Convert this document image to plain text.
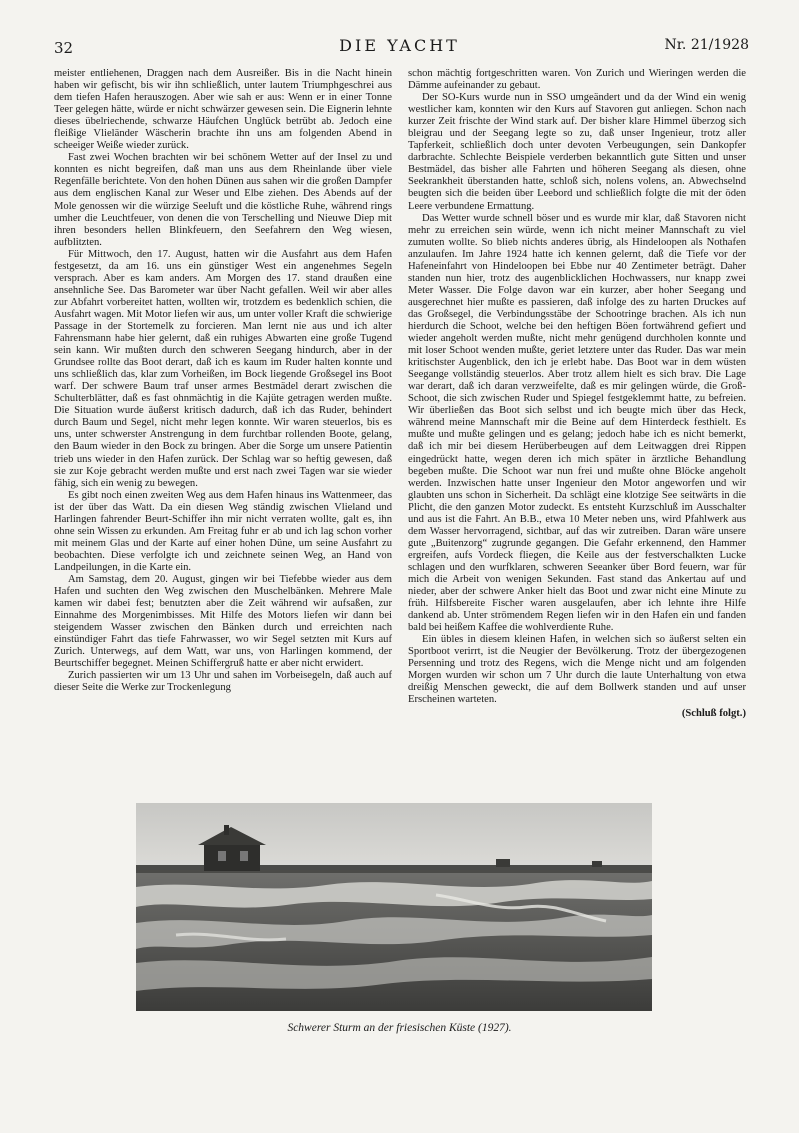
32	DIE YACHT	Nr. 21/1928

meister entliehenen, Draggen nach dem Ausreißer. Bis in die Nacht hinein haben wir gefischt, bis wir ihn schließlich, unter lautem Triumphgeschrei aus dem tiefen Hafen herauszogen. Aber wie sah er aus: Wenn er in einer Tonne Teer gelegen hätte, würde er nicht schwärzer gewesen sein. Die Eignerin lehnte dieses übelriechende, schwarze Häufchen Unglück betrübt ab. Jedoch eine fleißige Vlieländer Wäscherin brachte ihn uns am folgenden Abend in scheeiger Weiße wieder zurück.

Fast zwei Wochen brachten wir bei schönem Wetter auf der Insel zu und konnten es nicht begreifen, daß man uns aus dem Rheinlande über viele Regenfälle berichtete. Von den hohen Dünen aus sahen wir die großen Dampfer aus dem englischen Kanal zur Weser und Elbe ziehen. Des Abends auf der Mole genossen wir die würzige Seeluft und die köstliche Ruhe, während rings umher die Leuchtfeuer, von denen die von Terschelling und Nieuwe Diep mit ihren besonders hellen Blinkfeuern, den Seefahrern den Weg wiesen, aufblitzten.

Für Mittwoch, den 17. August, hatten wir die Ausfahrt aus dem Hafen festgesetzt, da am 16. uns ein günstiger West ein angenehmes Segeln versprach. Aber es kam anders. Am Morgen des 17. stand draußen eine ansehnliche See. Das Barometer war über Nacht gefallen. Weil wir aber alles zur Abfahrt vorbereitet hatten, wollten wir, trotzdem es bedenklich schien, die Ausfahrt wagen. Mit Motor liefen wir aus, um unter voller Kraft die schwierige Passage in der Stortemelk zu forcieren. Man lernt nie aus und ich alter Fahrensmann habe hier gelernt, daß ein ruhiges Abwarten eine große Tugend sein kann. Wir mußten durch den schweren Seegang hindurch, aber in der Grundsee rollte das Boot derart, daß ich es kaum im Ruder halten konnte und uns schließlich das, klar zum Vorheißen, im Bock liegende Großsegel ins Boot warf. Der schwere Baum traf unser armes Bestmädel derart zwischen die Schulterblätter, daß es fast ohnmächtig in die Kajüte getragen werden mußte. Die Situation wurde äußerst kritisch dadurch, daß ich das Ruder, behindert durch Baum und Segel, nicht mehr legen konnte. Wir waren steuerlos, bis es uns, unter schwerster Anstrengung in dem furchtbar rollenden Boote, gelang, den Baum wieder in den Bock zu bringen. Aber die Sorge um unsere Patientin trieb uns wieder in den Hafen zurück. Der Schlag war so heftig gewesen, daß sie zur Koje gebracht werden mußte und erst nach zwei Tagen war sie wieder fähig, sich ein wenig zu bewegen.

Es gibt noch einen zweiten Weg aus dem Hafen hinaus ins Wattenmeer, das ist der über das Watt. Da ein diesen Weg ständig zwischen Vlieland und Harlingen fahrender Beurt-Schiffer ihn mir nicht verraten wollte, galt es, ihn ohne sein Wissen zu erkunden. Am Freitag fuhr er ab und ich lag schon vorher mit meinem Glas und der Karte auf einer hohen Düne, um seine Ausfahrt zu beobachten. Diese verfolgte ich und zeichnete seinen Weg, an Hand von Landpeilungen, in die Karte ein.

Am Samstag, dem 20. August, gingen wir bei Tiefebbe wieder aus dem Hafen und suchten den Weg zwischen den Muschelbänken. Mehrere Male kamen wir dabei fest; benutzten aber die Zeit während wir aufsaßen, zur Einnahme des Morgenimbisses. Mit Hilfe des Motors liefen wir dann bei steigendem Wasser zwischen den Bänken durch und erreichten nach einstündiger Fahrt das tiefe Fahrwasser, wo wir Segel setzten mit Kurs auf Zurich. Unterwegs, auf dem Watt, war uns, von Harlingen kommend, der Beurtschiffer begegnet. Meinen Schiffergruß hatte er aber nicht erwidert.

Zurich passierten wir um 13 Uhr und sahen im Vorbeisegeln, daß auch auf dieser Seite die Werke zur Trockenlegung

schon mächtig fortgeschritten waren. Von Zurich und Wieringen werden die Dämme aufeinander zu gebaut.

Der SO-Kurs wurde nun in SSO umgeändert und da der Wind ein wenig westlicher kam, konnten wir den Kurs auf Stavoren gut anliegen. Schon nach kurzer Zeit frischte der Wind stark auf. Der bisher klare Himmel überzog sich bleigrau und der Seegang legte so zu, daß unser Ingenieur, trotz aller Tapferkeit, schließlich doch unter devoten Verbeugungen, sein Dankopfer darbrachte. Schlechte Beispiele verderben bekanntlich gute Sitten und unser Bestmädel, das bisher alle Fahrten und höheren Seegang als diesen, ohne Seekrankheit überstanden hatte, schloß sich, nolens volens, an. Abwechselnd beugten sich die beiden über Leebord und schließlich folgte die mit der öden Leere verbundene Ermattung.

Das Wetter wurde schnell böser und es wurde mir klar, daß Stavoren nicht mehr zu erreichen sein würde, wenn ich nicht meiner Mannschaft zu viel zumuten wollte. So blieb nichts anderes übrig, als Hindeloopen als Nothafen anzulaufen. Im Jahre 1924 hatte ich kennen gelernt, daß die Tiefe vor der Hafeneinfahrt von Hindeloopen bei Ebbe nur 40 Zentimeter beträgt. Daher standen nun hier, trotz des augenblicklichen Hochwassers, nur knapp zwei Meter Wasser. Die Folge davon war ein kurzer, aber hoher Seegang und ausgerechnet hier mußte es passieren, daß infolge des zu harten Druckes auf das Großsegel, die Verbindungsstäbe der Schootringe brachen. Als ich nun hierdurch die Schoot, welche bei den heftigen Böen fortwährend gefiert und wieder angeholt werden mußte, nicht mehr genügend durchholen konnte und mit loser Schoot wenden mußte, geriet letztere unter das Ruder. Das war mein kritischster Augenblick, den ich je erlebt habe. Das Boot war in dem wüsten Seegange vollständig steuerlos. Aber trotz allem hielt es sich brav. Die Lage war derart, daß ich daran verzweifelte, daß es mir gelingen würde, die Groß-Schoot, die sich zwischen Ruder und Spiegel festgeklemmt hatte, zu befreien. Wir überließen das Boot sich selbst und ich beugte mich über das Heck, während meine Mannschaft mir die Beine auf dem Hinterdeck festhielt. Es mußte und mußte gelingen und es gelang; jedoch habe ich es nicht bemerkt, daß ich mir bei diesem Herüberbeugen auf dem Leitwaggen drei Rippen eingedrückt hatte, wegen deren ich mich später in ärztliche Behandlung begeben mußte. Die Schoot war nun frei und mußte ohne Blöcke angeholt werden. Inzwischen hatte unser Ingenieur den Motor angeworfen und wir glaubten uns schon in Sicherheit. Da schlägt eine klotzige See seitwärts in die Plicht, die den ganzen Motor zudeckt. Es entsteht Kurzschluß im Ausschalter und aus ist die Fahrt. An B.B., etwa 10 Meter neben uns, wird Pfahlwerk aus dem Wasser hervorragend, sichtbar, auf das wir zutreiben. Daran wäre unsere gute „Buitenzorg“ zugrunde gegangen. Die Gefahr erkennend, den Hammer ergreifen, aufs Vordeck fliegen, die Keile aus der festverschalkten Lucke schlagen und den wurfklaren, schweren Seeanker über Bord feuern, war für mich die Arbeit von wenigen Sekunden. Fast stand das Ankertau auf und nieder, aber der schwere Anker hielt das Boot und zwar nicht eine Minute zu früh. Hilfsbereite Fischer waren ausgelaufen, aber ich lehnte ihre Hilfe dankend ab. Unter strömendem Regen liefen wir in den Hafen ein und fanden bald bei heißem Kaffee die wohlverdiente Ruhe.

Ein übles in diesem kleinen Hafen, in welchen sich so äußerst selten ein Sportboot verirrt, ist die Neugier der Bevölkerung. Trotz der übergezogenen Persenning und trotz des Regens, wich die Menge nicht und am folgenden Morgen wurden wir schon um 7 Uhr durch die laute Unterhaltung von etwa dreißig Menschen geweckt, die auf dem Bollwerk standen und auf unser Erscheinen warteten.

(Schluß folgt.)
Schwerer Sturm an der friesischen Küste (1927).
